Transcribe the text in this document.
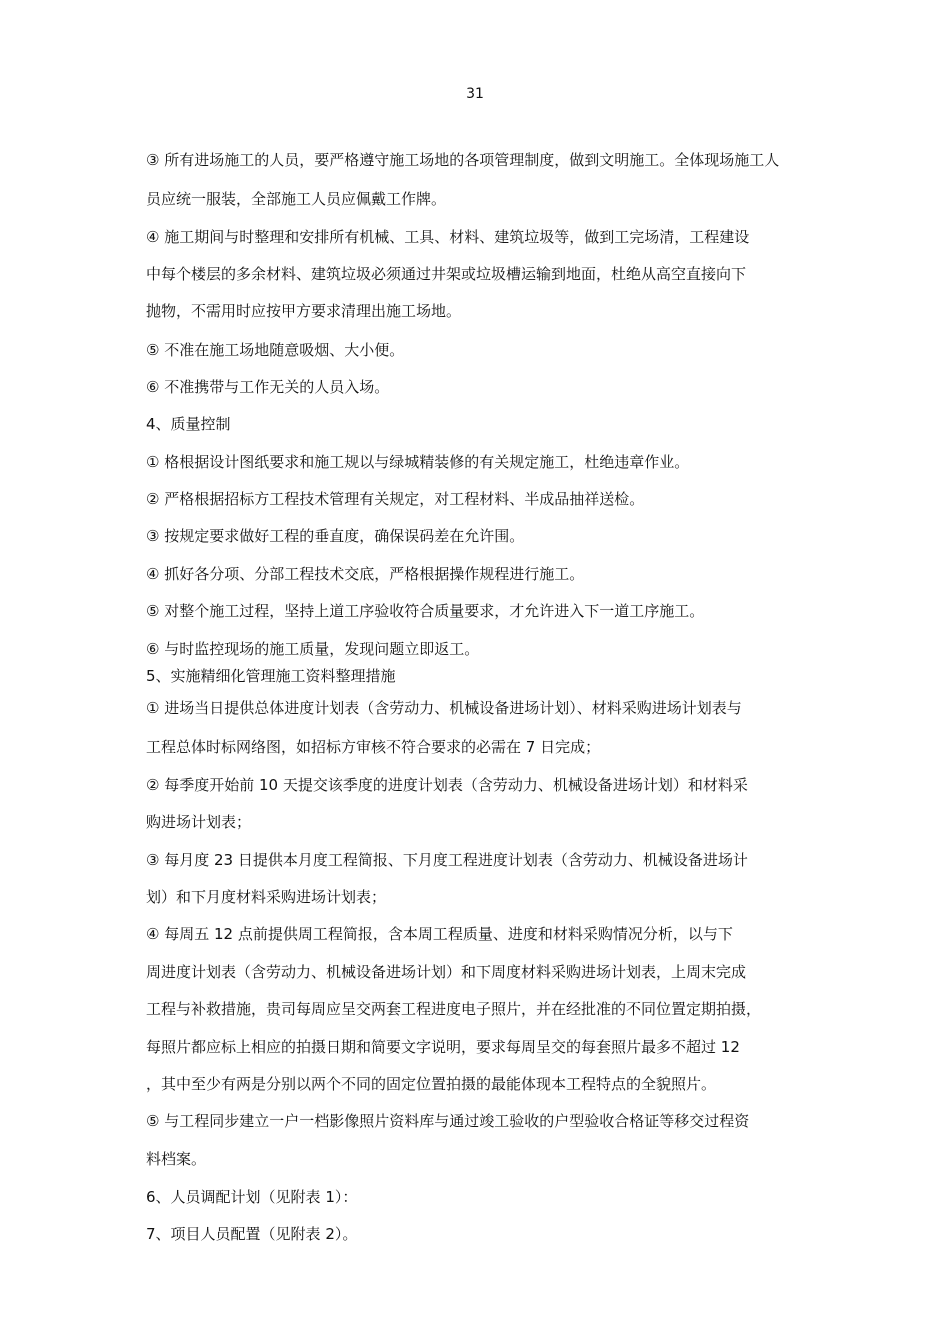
31
③ 所有进场施工的人员，要严格遵守施工场地的各项管理制度，做到文明施工。全体现场施工人
员应统一服装，全部施工人员应佩戴工作牌。
④ 施工期间与时整理和安排所有机械、工具、材料、建筑垃圾等，做到工完场清，工程建设
中每个楼层的多余材料、建筑垃圾必须通过井架或垃圾槽运输到地面，杜绝从高空直接向下
抛物，不需用时应按甲方要求清理出施工场地。
⑤ 不准在施工场地随意吸烟、大小便。
⑥ 不准携带与工作无关的人员入场。
4、质量控制
① 格根据设计图纸要求和施工规以与绿城精装修的有关规定施工，杜绝违章作业。
② 严格根据招标方工程技术管理有关规定，对工程材料、半成品抽祥送检。
③ 按规定要求做好工程的垂直度，确保误码差在允许围。
④ 抓好各分项、分部工程技术交底，严格根据操作规程进行施工。
⑤ 对整个施工过程，坚持上道工序验收符合质量要求，才允许进入下一道工序施工。
⑥ 与时监控现场的施工质量，发现问题立即返工。
5、实施精细化管理施工资料整理措施
① 进场当日提供总体进度计划表（含劳动力、机械设备进场计划）、材料采购进场计划表与
工程总体时标网络图，如招标方审核不符合要求的必需在 7 日完成；
② 每季度开始前 10 天提交该季度的进度计划表（含劳动力、机械设备进场计划）和材料采
购进场计划表；
③ 每月度 23 日提供本月度工程简报、下月度工程进度计划表（含劳动力、机械设备进场计
划）和下月度材料采购进场计划表；
④ 每周五 12 点前提供周工程简报，含本周工程质量、进度和材料采购情况分析，以与下
周进度计划表（含劳动力、机械设备进场计划）和下周度材料采购进场计划表，上周末完成
工程与补救措施，贵司每周应呈交两套工程进度电子照片，并在经批准的不同位置定期拍摄，
每照片都应标上相应的拍摄日期和简要文字说明，要求每周呈交的每套照片最多不超过 12
，其中至少有两是分别以两个不同的固定位置拍摄的最能体现本工程特点的全貌照片。
⑤ 与工程同步建立一户一档影像照片资料库与通过竣工验收的户型验收合格证等移交过程资
料档案。
6、人员调配计划（见附表 1）：
7、项目人员配置（见附表 2）。
